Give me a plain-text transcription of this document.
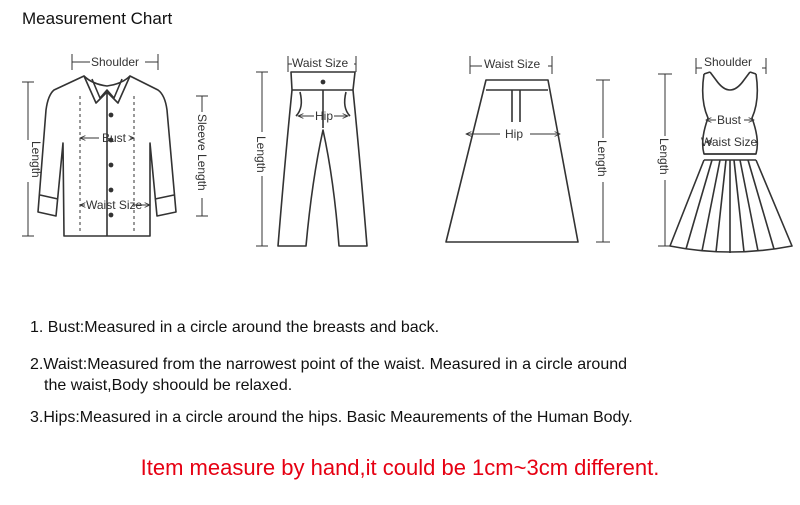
Measurement Chart
Shoulder
Bust
Waist Size
Length	Sleeve Length
Waist Size
Hip
Length
Waist Size
Hip
Length
Shoulder
Bust
Waist Size
Length

1. Bust:Measured in a circle around the breasts and back.

2.Waist:Measured from the narrowest point of the waist. Measured in a circle around
the waist,Body shoould be relaxed.

3.Hips:Measured in a circle around the hips. Basic Meaurements of the Human Body.

Item measure by hand,it could be 1cm~3cm different.
